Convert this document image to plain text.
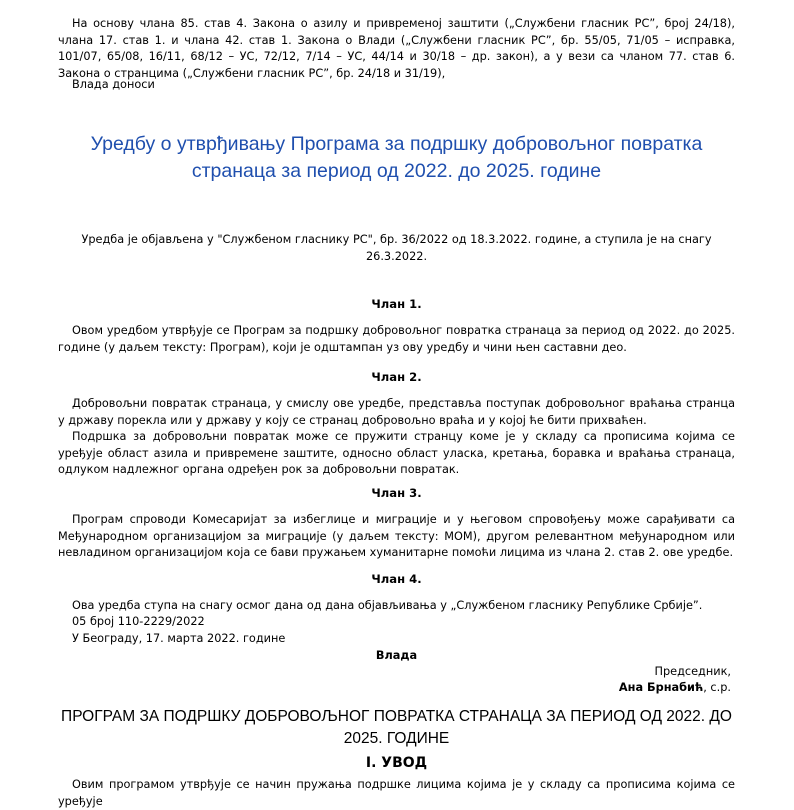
На основу члана 85. став 4. Закона о азилу и привременој заштити („Службени гласник РС”, број 24/18), члана 17. став 1. и члана 42. став 1. Закона о Влади („Службени гласник РС”, бр. 55/05, 71/05 – исправка, 101/07, 65/08, 16/11, 68/12 – УС, 72/12, 7/14 – УС, 44/14 и 30/18 – др. закон), а у вези са чланом 77. став 6. Закона о странцима („Службени гласник РС”, бр. 24/18 и 31/19),

Влада доноси

Уредбу о утврђивању Програма за подршку добровољног повратка странаца за период од 2022. до 2025. године

Уредба је објављена у "Службеном гласнику РС", бр. 36/2022 од 18.3.2022. године, а ступила је на снагу 26.3.2022.

Члан 1.

Овом уредбом утврђује се Програм за подршку добровољног повратка странаца за период од 2022. до 2025. године (у даљем тексту: Програм), који је одштампан уз ову уредбу и чини њен саставни део.

Члан 2.

Добровољни повратак странаца, у смислу ове уредбе, представља поступак добровољног враћања странца у државу порекла или у државу у коју се странац добровољно враћа и у којој ће бити прихваћен.

Подршка за добровољни повратак може се пружити странцу коме је у складу са прописима којима се уређује област азила и привремене заштите, односно област уласка, кретања, боравка и враћања странаца, одлуком надлежног органа одређен рок за добровољни повратак.

Члан 3.

Програм спроводи Комесаријат за избеглице и миграције и у његовом спровођењу може сарађивати са Међународном организацијом за миграције (у даљем тексту: МОМ), другом релевантном међународном или невладином организацијом која се бави пружањем хуманитарне помоћи лицима из члана 2. став 2. ове уредбе.

Члан 4.

Ова уредба ступа на снагу осмог дана од дана објављивања у „Службеном гласнику Републике Србије”.

05 број 110-2229/2022

У Београду, 17. марта 2022. године

Влада

Председник,

Ана Брнабић, с.р.

ПРОГРАМ ЗА ПОДРШКУ ДОБРОВОЉНОГ ПОВРАТКА СТРАНАЦА ЗА ПЕРИОД ОД 2022. ДО 2025. ГОДИНЕ
I. УВОД

Овим програмом утврђује се начин пружања подршке лицима којима је у складу са прописима којима се уређује
